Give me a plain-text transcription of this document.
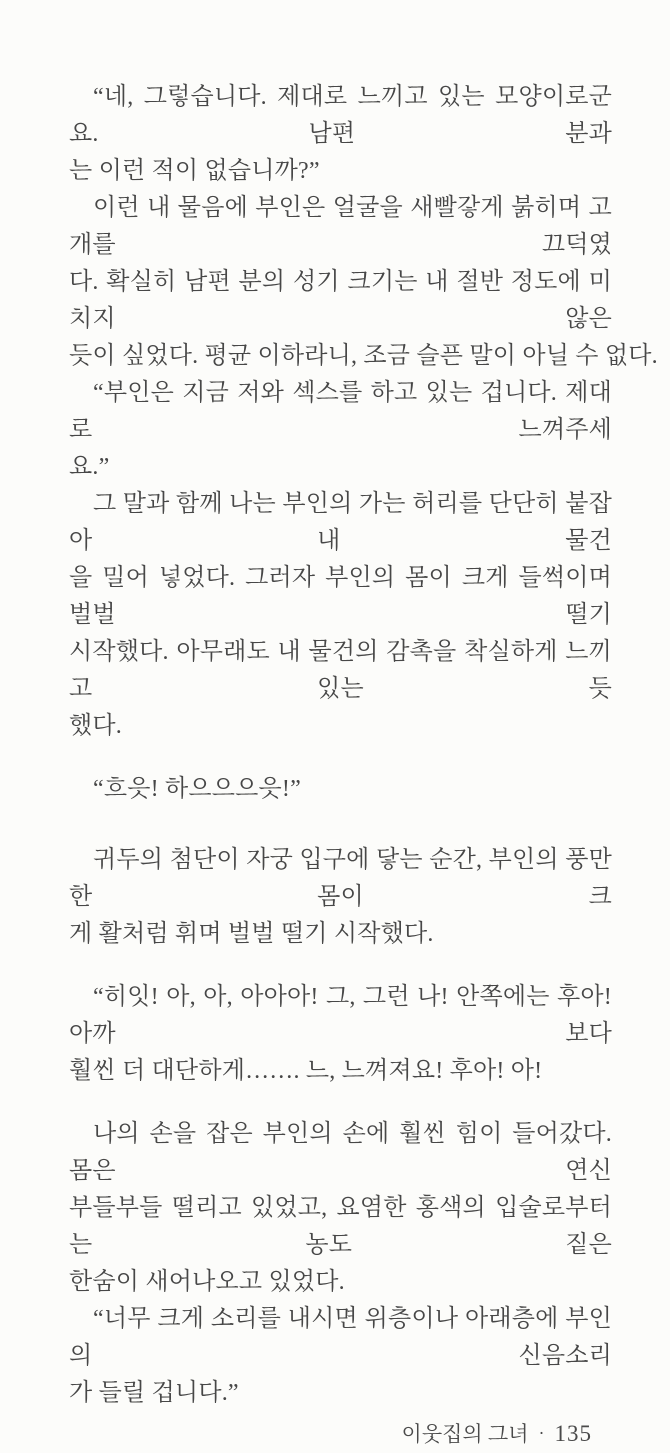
“네, 그렇습니다. 제대로 느끼고 있는 모양이로군요. 남편 분과
는 이런 적이 없습니까?”
이런 내 물음에 부인은 얼굴을 새빨갛게 붉히며 고개를 끄덕였
다. 확실히 남편 분의 성기 크기는 내 절반 정도에 미치지 않은
듯이 싶었다. 평균 이하라니, 조금 슬픈 말이 아닐 수 없다.
“부인은 지금 저와 섹스를 하고 있는 겁니다. 제대로 느껴주세
요.”
그 말과 함께 나는 부인의 가는 허리를 단단히 붙잡아 내 물건
을 밀어 넣었다. 그러자 부인의 몸이 크게 들썩이며 벌벌 떨기
시작했다. 아무래도 내 물건의 감촉을 착실하게 느끼고 있는 듯
했다.
“흐읏! 하으으으읏!”
귀두의 첨단이 자궁 입구에 닿는 순간, 부인의 풍만한 몸이 크
게 활처럼 휘며 벌벌 떨기 시작했다.
“히잇! 아, 아, 아아아! 그, 그런 나! 안쪽에는 후아! 아까 보다
훨씬 더 대단하게……. 느, 느껴져요! 후아! 아!
나의 손을 잡은 부인의 손에 훨씬 힘이 들어갔다. 몸은 연신
부들부들 떨리고 있었고, 요염한 홍색의 입술로부터는 농도 짙은
한숨이 새어나오고 있었다.
“너무 크게 소리를 내시면 위층이나 아래층에 부인의 신음소리
가 들릴 겁니다.”
이웃집의 그녀 · 135
